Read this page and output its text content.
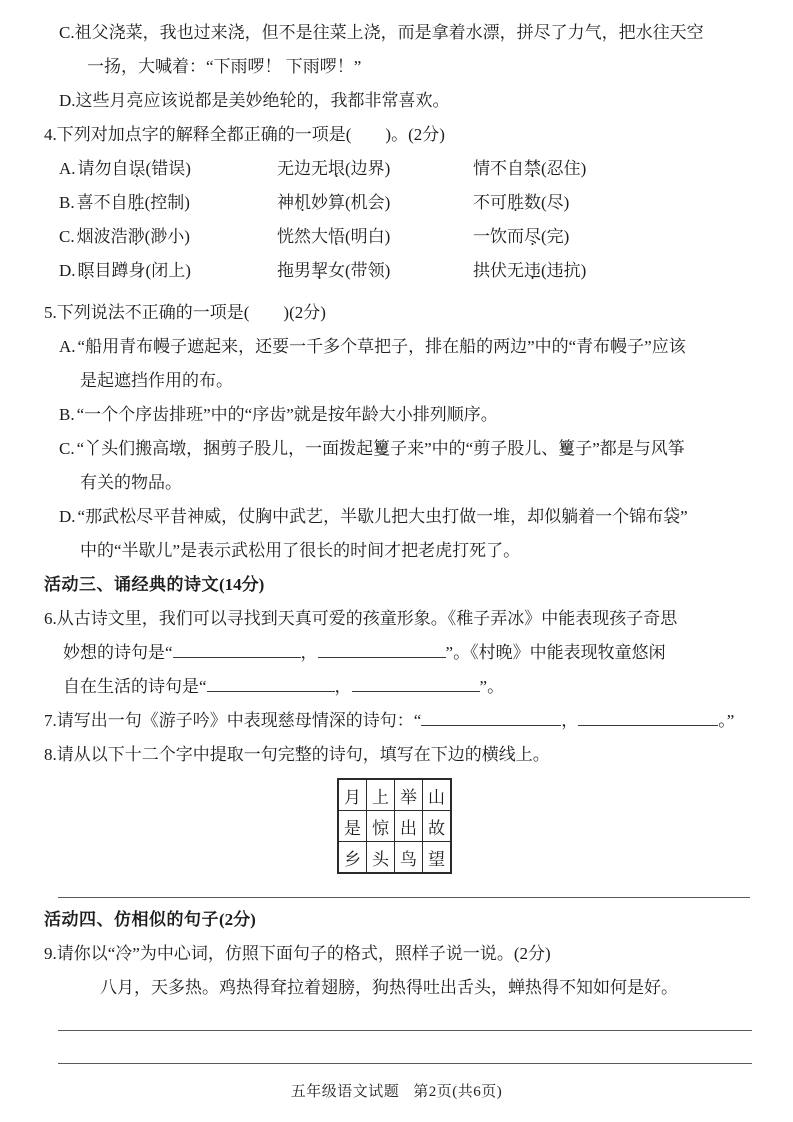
C.祖父浇菜，我也过来浇，但不是往菜上浇，而是拿着水漂，拼尽了力气，把水往天空
一扬，大喊着：“下雨啰！ 下雨啰！”
D.这些月亮应该说都是美妙绝轮的，我都非常喜欢。
4.下列对加点字的解释全都正确的一项是(　　)。(2分)
A. 请勿自误 •(错误)	无边无垠 •(边界)	情不自禁 •(忍住)
B. 喜不自胜 •(控制)	神机 •妙算(机会)	不可胜 •数(尽)
C. 烟波浩渺 •(渺小)	恍然大悟 •(明白)	一饮而尽 •(完)
D. 瞑 •目蹲身(闭上)	拖男挈 •女(带领)	拱伏无违 •(违抗)
5.下列说法不正确的一项是(　　)(2分)
A. “船用青布幔子遮起来，还要一千多个草把子，排在船的两边”中的“青布幔子”应该
是起遮挡作用的布。
B. “一个个序齿排班”中的“序齿”就是按年龄大小排列顺序。
C. “丫头们搬高墩，捆剪子股儿，一面拨起籰子来”中的“剪子股儿、籰子”都是与风筝
有关的物品。
D. “那武松尽平昔神威，仗胸中武艺，半歇儿把大虫打做一堆，却似躺着一个锦布袋”
中的“半歇儿”是表示武松用了很长的时间才把老虎打死了。
活动三、诵经典的诗文(14分)
6.从古诗文里，我们可以寻找到天真可爱的孩童形象。《稚子弄冰》中能表现孩子奇思
妙想的诗句是“	，	”。《村晚》中能表现牧童悠闲
自在生活的诗句是“	，	”。
7.请写出一句《游子吟》中表现慈母情深的诗句：“	，	。”
8.请从以下十二个字中提取一句完整的诗句，填写在下边的横线上。
月	上	举	山
是	惊	出	故
乡	头	鸟	望
活动四、仿相似的句子(2分)
9.请你以“冷”为中心词，仿照下面句子的格式，照样子说一说。(2分)
八月，天多热。鸡热得耷拉着翅膀，狗热得吐出舌头，蝉热得不知如何是好。
五年级语文试题 第2页(共6页)
